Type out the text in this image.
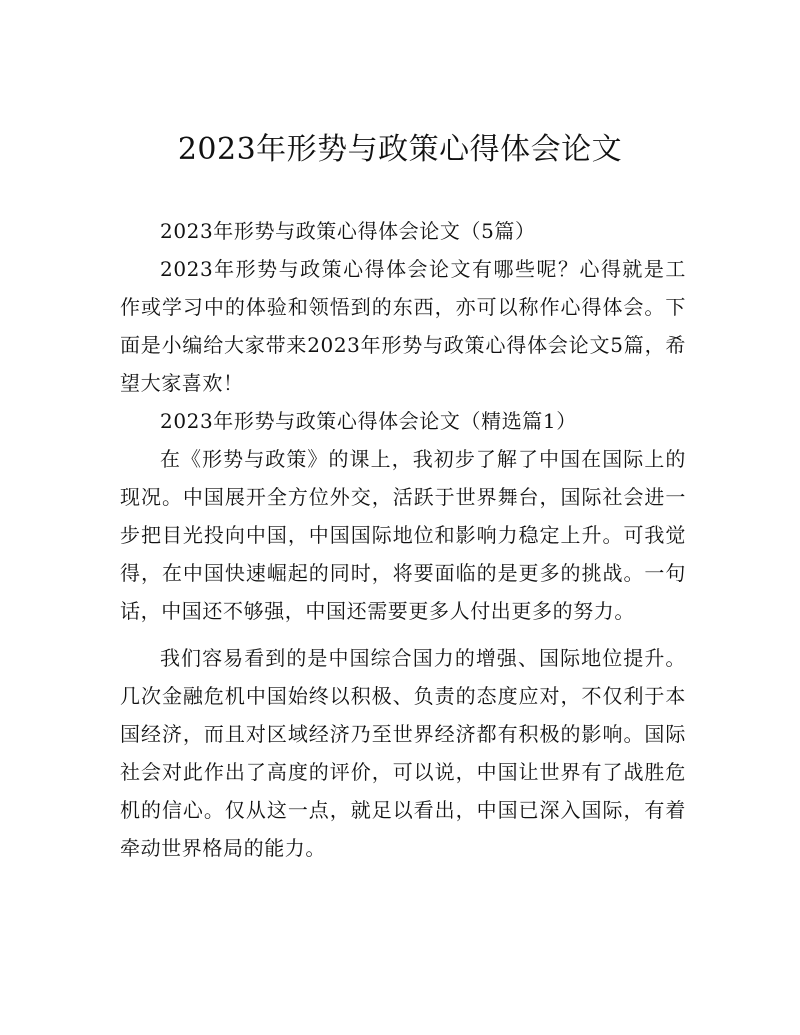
2023年形势与政策心得体会论文

2023年形势与政策心得体会论文（5篇）

2023年形势与政策心得体会论文有哪些呢？心得就是工作或学习中的体验和领悟到的东西，亦可以称作心得体会。下面是小编给大家带来2023年形势与政策心得体会论文5篇，希望大家喜欢！

2023年形势与政策心得体会论文（精选篇1）

在《形势与政策》的课上，我初步了解了中国在国际上的现况。中国展开全方位外交，活跃于世界舞台，国际社会进一步把目光投向中国，中国国际地位和影响力稳定上升。可我觉得，在中国快速崛起的同时，将要面临的是更多的挑战。一句话，中国还不够强，中国还需要更多人付出更多的努力。

我们容易看到的是中国综合国力的增强、国际地位提升。几次金融危机中国始终以积极、负责的态度应对，不仅利于本国经济，而且对区域经济乃至世界经济都有积极的影响。国际社会对此作出了高度的评价，可以说，中国让世界有了战胜危机的信心。仅从这一点，就足以看出，中国已深入国际，有着牵动世界格局的能力。
